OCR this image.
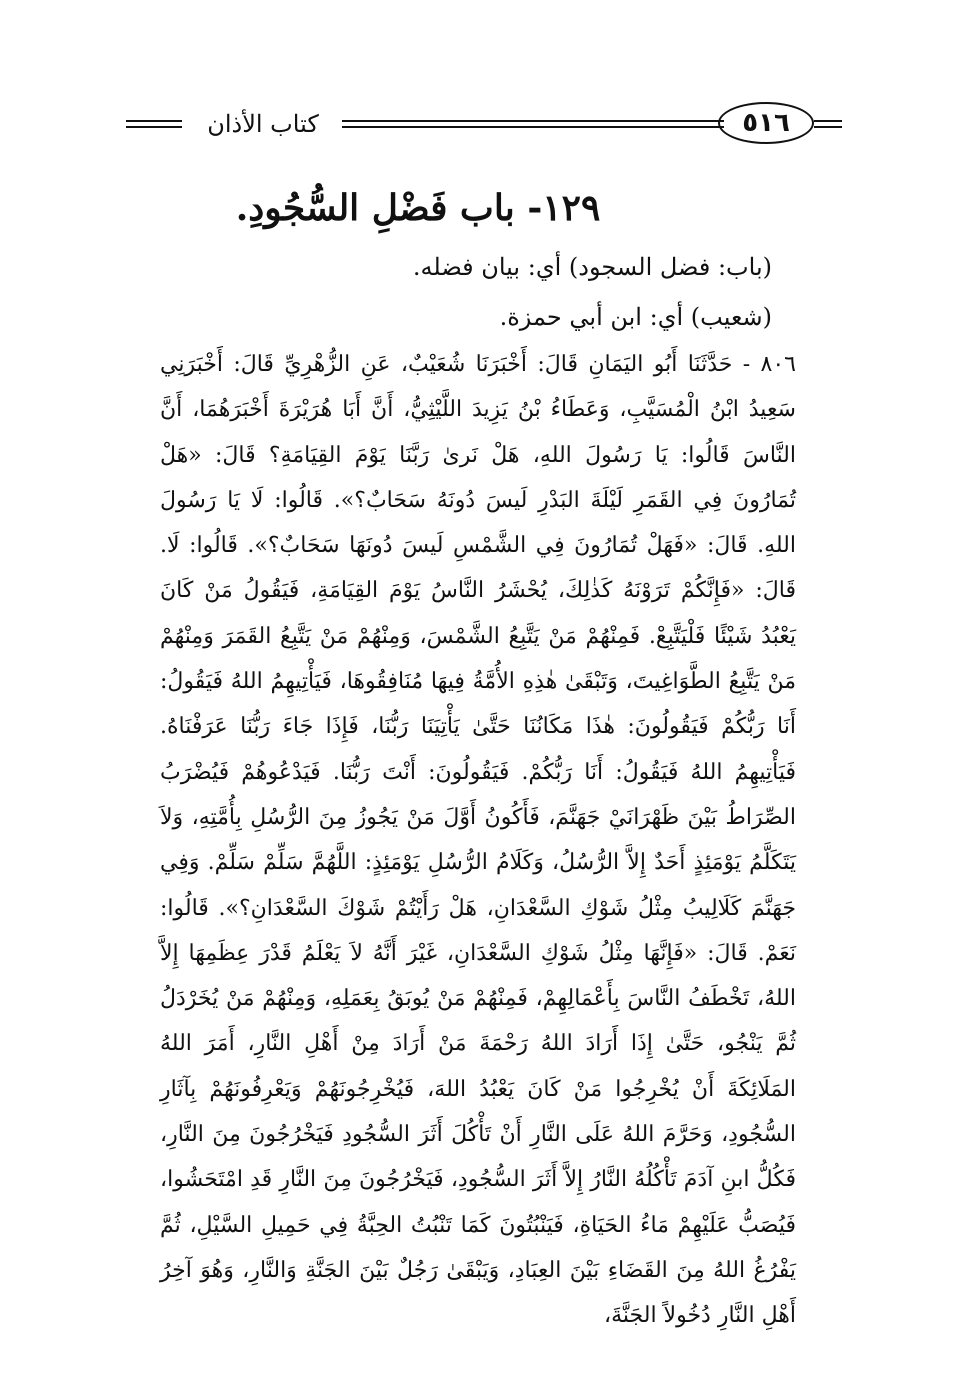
كتاب الأذان	٥١٦
١٢٩- باب فَضْلِ السُّجُودِ.

(باب: فضل السجود) أي: بيان فضله.

(شعيب) أي: ابن أبي حمزة.

٨٠٦ - حَدَّثَنَا أَبُو اليَمَانِ قَالَ: أَخْبَرَنَا شُعَيْبٌ، عَنِ الزُّهْرِيِّ قَالَ: أَخْبَرَنِي سَعِيدُ ابْنُ الْمُسَيَّبِ، وَعَطَاءُ بْنُ يَزِيدَ اللَّيْثِيُّ، أَنَّ أَبَا هُرَيْرَةَ أَخْبَرَهُمَا، أَنَّ النَّاسَ قَالُوا: يَا رَسُولَ اللهِ، هَلْ نَرىٰ رَبَّنَا يَوْمَ القِيَامَةِ؟ قَالَ: «هَلْ تُمَارُونَ فِي القَمَرِ لَيْلَةَ البَدْرِ لَيسَ دُونَهُ سَحَابٌ؟». قَالُوا: لَا يَا رَسُولَ اللهِ. قَالَ: «فَهَلْ تُمَارُونَ فِي الشَّمْسِ لَيسَ دُونَهَا سَحَابٌ؟». قَالُوا: لَا. قَالَ: «فَإِنَّكُمْ تَرَوْنَهُ كَذٰلِكَ، يُحْشَرُ النَّاسُ يَوْمَ القِيَامَةِ، فَيَقُولُ مَنْ كَانَ يَعْبُدُ شَيْئًا فَلْيَتَّبِعْ. فَمِنْهُمْ مَنْ يَتَّبِعُ الشَّمْسَ، وَمِنْهُمْ مَنْ يَتَّبِعُ القَمَرَ وَمِنْهُمْ مَنْ يَتَّبِعُ الطَّوَاغِيتَ، وَتَبْقَىٰ هٰذِهِ الأُمَّةُ فِيهَا مُنَافِقُوهَا، فَيَأْتِيهِمُ اللهُ فَيَقُولُ: أَنَا رَبُّكُمْ فَيَقُولُونَ: هٰذَا مَكَانُنَا حَتَّىٰ يَأْتِيَنَا رَبُّنَا، فَإِذَا جَاءَ رَبُّنَا عَرَفْنَاهُ. فَيَأْتِيهِمُ اللهُ فَيَقُولُ: أَنَا رَبُّكُمْ. فَيَقُولُونَ: أَنْتَ رَبُّنَا. فَيَدْعُوهُمْ فَيُضْرَبُ الصِّرَاطُ بَيْنَ ظَهْرَانَيْ جَهَنَّمَ، فَأَكُونُ أَوَّلَ مَنْ يَجُوزُ مِنَ الرُّسُلِ بِأُمَّتِهِ، وَلاَ يَتَكَلَّمُ يَوْمَئِذٍ أَحَدٌ إِلاَّ الرُّسُلُ، وَكَلَامُ الرُّسُلِ يَوْمَئِذٍ: اللَّهُمَّ سَلِّمْ سَلِّمْ. وَفِي جَهَنَّمَ كَلَالِيبُ مِثْلُ شَوْكِ السَّعْدَانِ، هَلْ رَأَيْتُمْ شَوْكَ السَّعْدَانِ؟». قَالُوا: نَعَمْ. قَالَ: «فَإِنَّهَا مِثْلُ شَوْكِ السَّعْدَانِ، غَيْرَ أَنَّهُ لاَ يَعْلَمُ قَدْرَ عِظَمِهَا إِلاَّ اللهُ، تَخْطَفُ النَّاسَ بِأَعْمَالِهِمْ، فَمِنْهُمْ مَنْ يُوبَقُ بِعَمَلِهِ، وَمِنْهُمْ مَنْ يُخَرْدَلُ ثُمَّ يَنْجُو، حَتَّىٰ إِذَا أَرَادَ اللهُ رَحْمَةَ مَنْ أَرَادَ مِنْ أَهْلِ النَّارِ، أَمَرَ اللهُ المَلَائِكَةَ أَنْ يُخْرِجُوا مَنْ كَانَ يَعْبُدُ اللهَ، فَيُخْرِجُونَهُمْ وَيَعْرِفُونَهُمْ بِآثَارِ السُّجُودِ، وَحَرَّمَ اللهُ عَلَى النَّارِ أَنْ تَأْكُلَ أَثَرَ السُّجُودِ فَيَخْرُجُونَ مِنَ النَّارِ، فَكُلُّ ابنِ آدَمَ تَأْكُلُهُ النَّارُ إِلاَّ أَثَرَ السُّجُودِ، فَيَخْرُجُونَ مِنَ النَّارِ قَدِ امْتَحَشُوا، فَيُصَبُّ عَلَيْهِمْ مَاءُ الحَيَاةِ، فَيَنْبُتُونَ كَمَا تَنْبُتُ الحِبَّةُ فِي حَمِيلِ السَّيْلِ، ثُمَّ يَفْرُغُ اللهُ مِنَ القَضَاءِ بَيْنَ العِبَادِ، وَيَبْقَىٰ رَجُلٌ بَيْنَ الجَنَّةِ وَالنَّارِ، وَهُوَ آخِرُ أَهْلِ النَّارِ دُخُولاً الجَنَّةَ،
